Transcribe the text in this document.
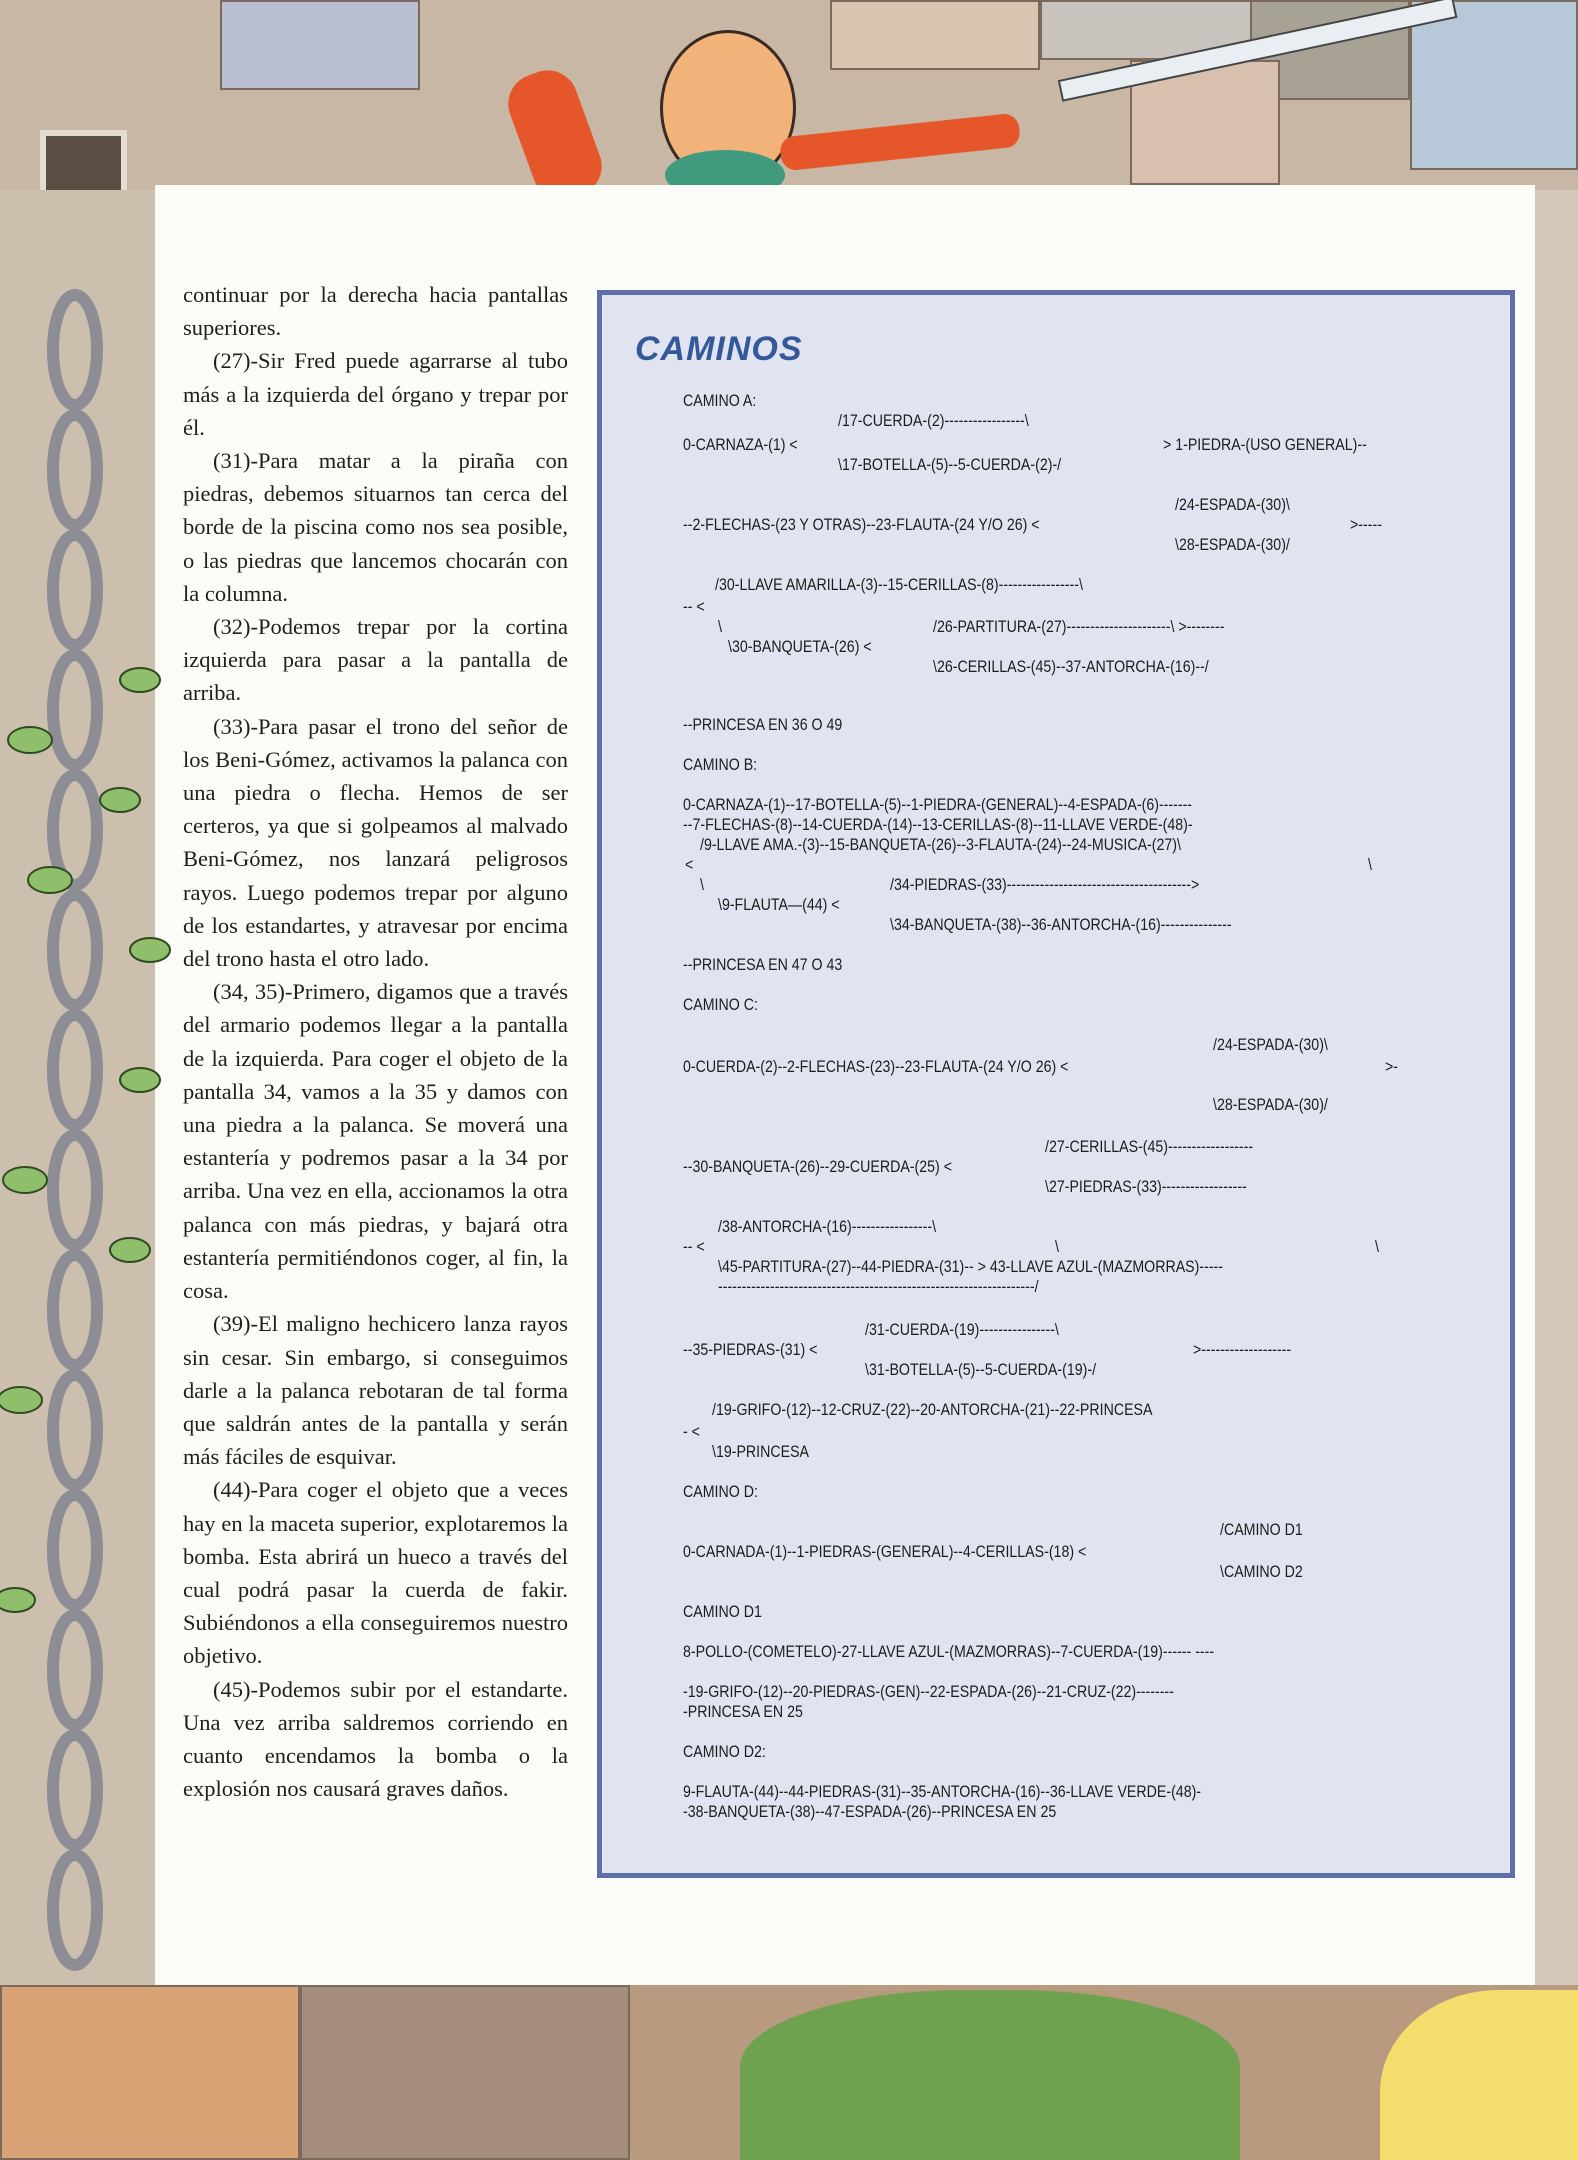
continuar por la derecha hacia pantallas superiores.

(27)-Sir Fred puede agarrarse al tubo más a la izquierda del órgano y trepar por él.

(31)-Para matar a la piraña con piedras, debemos situarnos tan cerca del borde de la piscina como nos sea posible, o las piedras que lancemos chocarán con la columna.

(32)-Podemos trepar por la cortina izquierda para pasar a la pantalla de arriba.

(33)-Para pasar el trono del señor de los Beni-Gómez, activamos la palanca con una piedra o flecha. Hemos de ser certeros, ya que si golpeamos al malvado Beni-Gómez, nos lanzará peligrosos rayos. Luego podemos trepar por alguno de los estandartes, y atravesar por encima del trono hasta el otro lado.

(34, 35)-Primero, digamos que a través del armario podemos llegar a la pantalla de la izquierda. Para coger el objeto de la pantalla 34, vamos a la 35 y damos con una piedra a la palanca. Se moverá una estantería y podremos pasar a la 34 por arriba. Una vez en ella, accionamos la otra palanca con más piedras, y bajará otra estantería permitiéndonos coger, al fin, la cosa.

(39)-El maligno hechicero lanza rayos sin cesar. Sin embargo, si conseguimos darle a la palanca rebotaran de tal forma que saldrán antes de la pantalla y serán más fáciles de esquivar.

(44)-Para coger el objeto que a veces hay en la maceta superior, explotaremos la bomba. Esta abrirá un hueco a través del cual podrá pasar la cuerda de fakir. Subiéndonos a ella conseguiremos nuestro objetivo.

(45)-Podemos subir por el estandarte. Una vez arriba saldremos corriendo en cuanto encendamos la bomba o la explosión nos causará graves daños.

CAMINOS
CAMINO A:
/17-CUERDA-(2)-----------------\
0-CARNAZA-(1) <	> 1-PIEDRA-(USO GENERAL)--
\17-BOTELLA-(5)--5-CUERDA-(2)-/
/24-ESPADA-(30)\
--2-FLECHAS-(23 Y OTRAS)--23-FLAUTA-(24 Y/O 26) <	>-----
\28-ESPADA-(30)/
/30-LLAVE AMARILLA-(3)--15-CERILLAS-(8)-----------------\
-- <
\	/26-PARTITURA-(27)----------------------\ >--------
\30-BANQUETA-(26) <
\26-CERILLAS-(45)--37-ANTORCHA-(16)--/
--PRINCESA EN 36 O 49
CAMINO B:
0-CARNAZA-(1)--17-BOTELLA-(5)--1-PIEDRA-(GENERAL)--4-ESPADA-(6)-------
--7-FLECHAS-(8)--14-CUERDA-(14)--13-CERILLAS-(8)--11-LLAVE VERDE-(48)-
/9-LLAVE AMA.-(3)--15-BANQUETA-(26)--3-FLAUTA-(24)--24-MUSICA-(27)\
<	\
\	/34-PIEDRAS-(33)--------------------------------------->
\9-FLAUTA—(44) <
\34-BANQUETA-(38)--36-ANTORCHA-(16)---------------
--PRINCESA EN 47 O 43
CAMINO C:
/24-ESPADA-(30)\
0-CUERDA-(2)--2-FLECHAS-(23)--23-FLAUTA-(24 Y/O 26) <	>-
\28-ESPADA-(30)/
/27-CERILLAS-(45)------------------
--30-BANQUETA-(26)--29-CUERDA-(25) <
\27-PIEDRAS-(33)------------------
/38-ANTORCHA-(16)-----------------\
-- <	\	\
\45-PARTITURA-(27)--44-PIEDRA-(31)-- > 43-LLAVE AZUL-(MAZMORRAS)-----
-------------------------------------------------------------------/
/31-CUERDA-(19)----------------\
--35-PIEDRAS-(31) <	>-------------------
\31-BOTELLA-(5)--5-CUERDA-(19)-/
/19-GRIFO-(12)--12-CRUZ-(22)--20-ANTORCHA-(21)--22-PRINCESA
- <
\19-PRINCESA
CAMINO D:
/CAMINO D1
0-CARNADA-(1)--1-PIEDRAS-(GENERAL)--4-CERILLAS-(18) <
\CAMINO D2
CAMINO D1
8-POLLO-(COMETELO)-27-LLAVE AZUL-(MAZMORRAS)--7-CUERDA-(19)------ ----
-19-GRIFO-(12)--20-PIEDRAS-(GEN)--22-ESPADA-(26)--21-CRUZ-(22)--------
-PRINCESA EN 25
CAMINO D2:
9-FLAUTA-(44)--44-PIEDRAS-(31)--35-ANTORCHA-(16)--36-LLAVE VERDE-(48)-
-38-BANQUETA-(38)--47-ESPADA-(26)--PRINCESA EN 25
